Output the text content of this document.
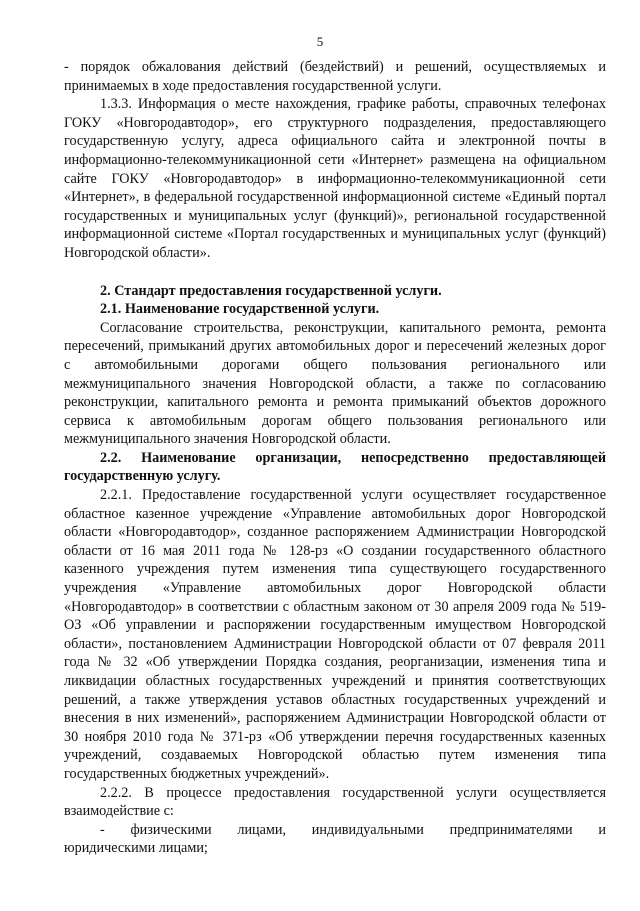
5

- порядок обжалования действий (бездействий) и решений, осуществляемых и принимаемых в ходе предоставления государственной услуги.

1.3.3. Информация о месте нахождения, графике работы, справочных телефонах ГОКУ «Новгородавтодор», его структурного подразделения, предоставляющего государственную услугу, адреса официального сайта и электронной почты в информационно-телекоммуникационной сети «Интернет» размещена на официальном сайте ГОКУ «Новгородавтодор» в информационно-телекоммуникационной сети «Интернет», в федеральной государственной информационной системе «Единый портал государственных и муниципальных услуг (функций)», региональной государственной информационной системе «Портал государственных и муниципальных услуг (функций) Новгородской области».

2. Стандарт предоставления государственной услуги.

2.1. Наименование государственной услуги.

Согласование строительства, реконструкции, капитального ремонта, ремонта пересечений, примыканий других автомобильных дорог и пересечений железных дорог с автомобильными дорогами общего пользования регионального или межмуниципального значения Новгородской области, а также по согласованию реконструкции, капитального ремонта и ремонта примыканий объектов дорожного сервиса к автомобильным дорогам общего пользования регионального или межмуниципального значения Новгородской области.

2.2. Наименование организации, непосредственно предоставляющей государственную услугу.

2.2.1. Предоставление государственной услуги осуществляет государственное областное казенное учреждение «Управление автомобильных дорог Новгородской области «Новгородавтодор», созданное распоряжением Администрации Новгородской области от 16 мая 2011 года № 128-рз «О создании государственного областного казенного учреждения путем изменения типа существующего государственного учреждения «Управление автомобильных дорог Новгородской области «Новгородавтодор» в соответствии с областным законом от 30 апреля 2009 года № 519-ОЗ «Об управлении и распоряжении государственным имуществом Новгородской области», постановлением Администрации Новгородской области от 07 февраля 2011 года № 32 «Об утверждении Порядка создания, реорганизации, изменения типа и ликвидации областных государственных учреждений и принятия соответствующих решений, а также утверждения уставов областных государственных учреждений и внесения в них изменений», распоряжением Администрации Новгородской области от 30 ноября 2010 года № 371-рз «Об утверждении перечня государственных казенных учреждений, создаваемых Новгородской областью путем изменения типа государственных бюджетных учреждений».

2.2.2. В процессе предоставления государственной услуги осуществляется взаимодействие с:

- физическими лицами, индивидуальными предпринимателями и

юридическими лицами;
